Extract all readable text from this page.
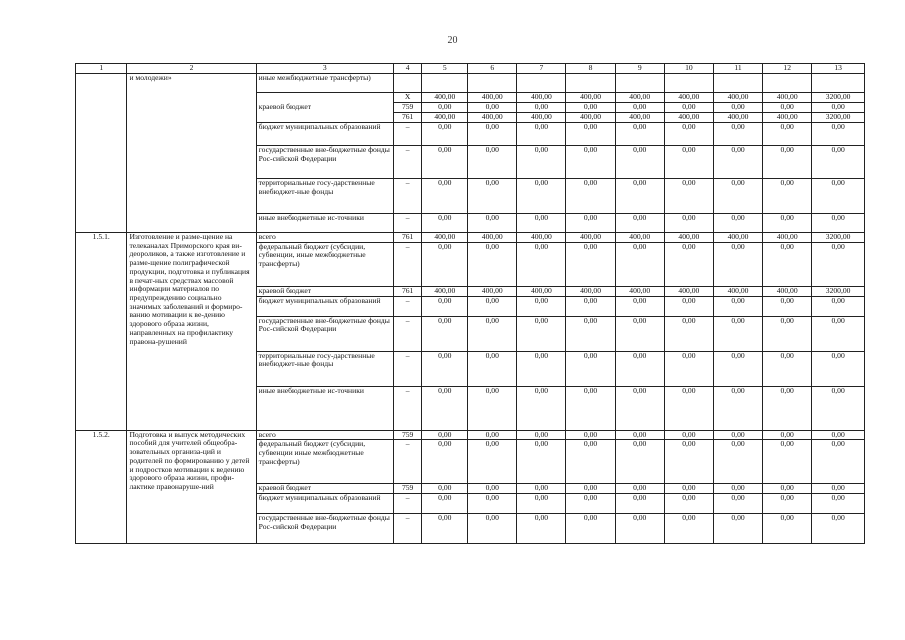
20
1	2	3	4	5	6	7	8	9	10	11	12	13
	и молодежи»	иные межбюджетные трансферты)										
		краевой бюджет	X	400,00	400,00	400,00	400,00	400,00	400,00	400,00	400,00	3200,00
			759	0,00	0,00	0,00	0,00	0,00	0,00	0,00	0,00	0,00
			761	400,00	400,00	400,00	400,00	400,00	400,00	400,00	400,00	3200,00
		бюджет муниципальных образований	–	0,00	0,00	0,00	0,00	0,00	0,00	0,00	0,00	0,00
		государственные вне-бюджетные фонды Рос-сийской Федерации	–	0,00	0,00	0,00	0,00	0,00	0,00	0,00	0,00	0,00
		территориальные госу-дарственные внебюджет-ные фонды	–	0,00	0,00	0,00	0,00	0,00	0,00	0,00	0,00	0,00
		иные внебюджетные ис-точники	–	0,00	0,00	0,00	0,00	0,00	0,00	0,00	0,00	0,00
1.5.1.	Изготовление и разме-щение на телеканалах Приморского края ви-деороликов, а также изготовление и разме-щение полиграфической продукции, подготовка и публикация в печат-ных средствах массовой информации материалов по предупреждению социально значимых заболеваний и формиро-ванию мотивации к ве-дению здорового образа жизни, направленных на профилактику правона-рушений	всего	761	400,00	400,00	400,00	400,00	400,00	400,00	400,00	400,00	3200,00
		федеральный бюджет (субсидии, субвенции, иные межбюджетные трансферты)	–	0,00	0,00	0,00	0,00	0,00	0,00	0,00	0,00	0,00
		краевой бюджет	761	400,00	400,00	400,00	400,00	400,00	400,00	400,00	400,00	3200,00
		бюджет муниципальных образований	–	0,00	0,00	0,00	0,00	0,00	0,00	0,00	0,00	0,00
		государственные вне-бюджетные фонды Рос-сийской Федерации	–	0,00	0,00	0,00	0,00	0,00	0,00	0,00	0,00	0,00
		территориальные госу-дарственные внебюджет-ные фонды	–	0,00	0,00	0,00	0,00	0,00	0,00	0,00	0,00	0,00
		иные внебюджетные ис-точники	–	0,00	0,00	0,00	0,00	0,00	0,00	0,00	0,00	0,00
1.5.2.	Подготовка и выпуск методических пособий для учителей общеобра-зовательных организа-ций и родителей по формированию у детей и подростков мотивации к ведению здорового образа жизни, профи-лактике правонаруше-ний	всего	759	0,00	0,00	0,00	0,00	0,00	0,00	0,00	0,00	0,00
		федеральный бюджет (субсидии, субвенции иные межбюджетные трансферты)	–	0,00	0,00	0,00	0,00	0,00	0,00	0,00	0,00	0,00
		краевой бюджет	759	0,00	0,00	0,00	0,00	0,00	0,00	0,00	0,00	0,00
		бюджет муниципальных образований	–	0,00	0,00	0,00	0,00	0,00	0,00	0,00	0,00	0,00
		государственные вне-бюджетные фонды Рос-сийской Федерации	–	0,00	0,00	0,00	0,00	0,00	0,00	0,00	0,00	0,00
